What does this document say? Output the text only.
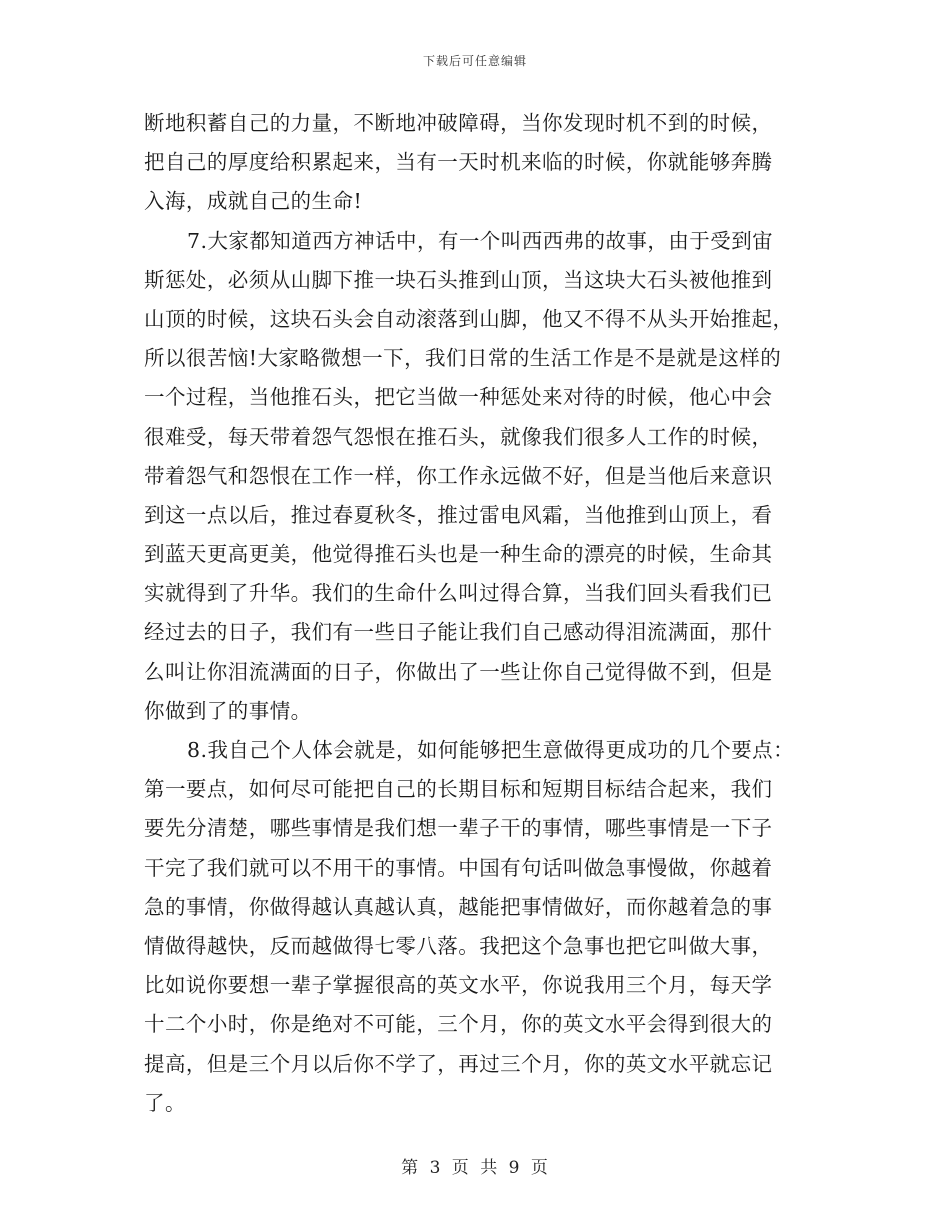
下载后可任意编辑
断地积蓄自己的力量，不断地冲破障碍，当你发现时机不到的时候，
把自己的厚度给积累起来，当有一天时机来临的时候，你就能够奔腾
入海，成就自己的生命!
7.大家都知道西方神话中，有一个叫西西弗的故事，由于受到宙
斯惩处，必须从山脚下推一块石头推到山顶，当这块大石头被他推到
山顶的时候，这块石头会自动滚落到山脚，他又不得不从头开始推起，
所以很苦恼!大家略微想一下，我们日常的生活工作是不是就是这样的
一个过程，当他推石头，把它当做一种惩处来对待的时候，他心中会
很难受，每天带着怨气怨恨在推石头，就像我们很多人工作的时候，
带着怨气和怨恨在工作一样，你工作永远做不好，但是当他后来意识
到这一点以后，推过春夏秋冬，推过雷电风霜，当他推到山顶上，看
到蓝天更高更美，他觉得推石头也是一种生命的漂亮的时候，生命其
实就得到了升华。我们的生命什么叫过得合算，当我们回头看我们已
经过去的日子，我们有一些日子能让我们自己感动得泪流满面，那什
么叫让你泪流满面的日子，你做出了一些让你自己觉得做不到，但是
你做到了的事情。
8.我自己个人体会就是，如何能够把生意做得更成功的几个要点：
第一要点，如何尽可能把自己的长期目标和短期目标结合起来，我们
要先分清楚，哪些事情是我们想一辈子干的事情，哪些事情是一下子
干完了我们就可以不用干的事情。中国有句话叫做急事慢做，你越着
急的事情，你做得越认真越认真，越能把事情做好，而你越着急的事
情做得越快，反而越做得七零八落。我把这个急事也把它叫做大事，
比如说你要想一辈子掌握很高的英文水平，你说我用三个月，每天学
十二个小时，你是绝对不可能，三个月，你的英文水平会得到很大的
提高，但是三个月以后你不学了，再过三个月，你的英文水平就忘记
了。
第 3 页 共 9 页
